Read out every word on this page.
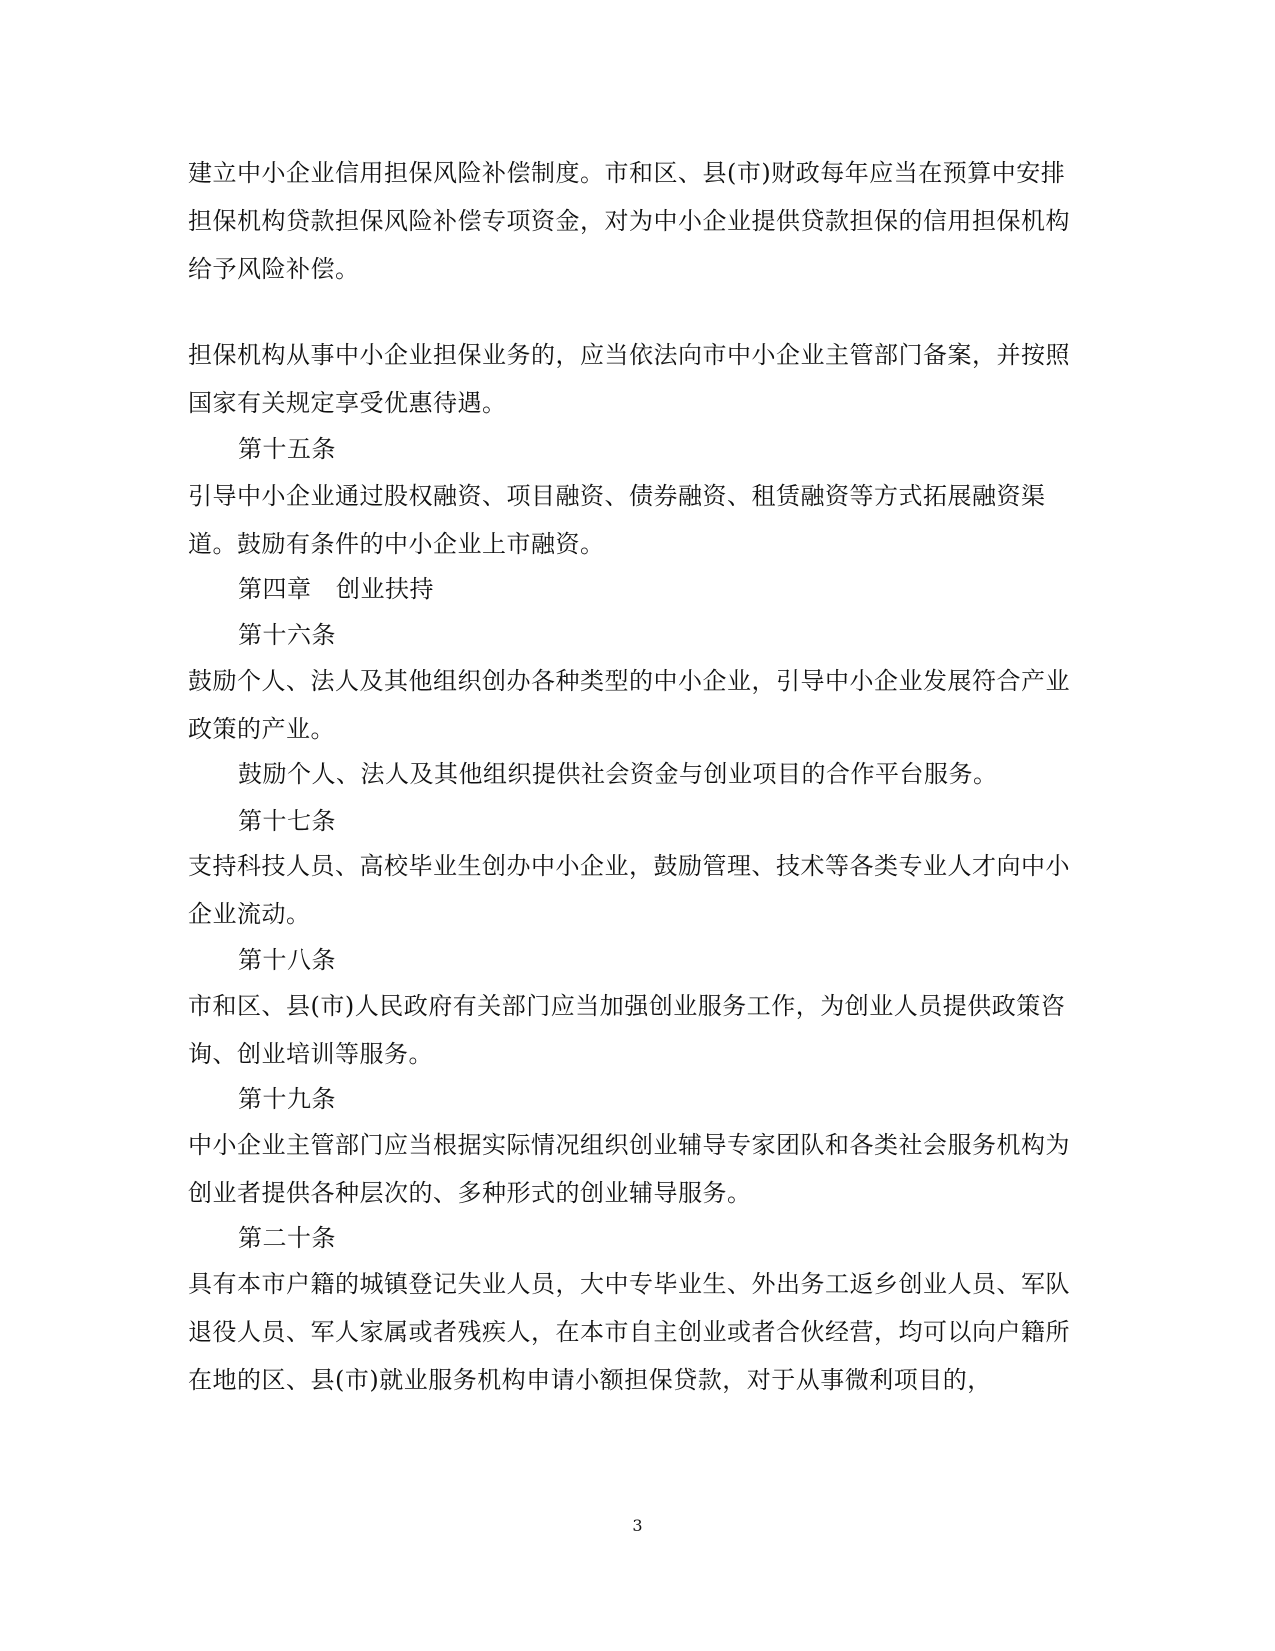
建立中小企业信用担保风险补偿制度。市和区、县(市)财政每年应当在预算中安排担保机构贷款担保风险补偿专项资金，对为中小企业提供贷款担保的信用担保机构给予风险补偿。

担保机构从事中小企业担保业务的，应当依法向市中小企业主管部门备案，并按照国家有关规定享受优惠待遇。

第十五条

引导中小企业通过股权融资、项目融资、债券融资、租赁融资等方式拓展融资渠道。鼓励有条件的中小企业上市融资。

第四章　创业扶持

第十六条

鼓励个人、法人及其他组织创办各种类型的中小企业，引导中小企业发展符合产业政策的产业。

鼓励个人、法人及其他组织提供社会资金与创业项目的合作平台服务。

第十七条

支持科技人员、高校毕业生创办中小企业，鼓励管理、技术等各类专业人才向中小企业流动。

第十八条

市和区、县(市)人民政府有关部门应当加强创业服务工作，为创业人员提供政策咨询、创业培训等服务。

第十九条

中小企业主管部门应当根据实际情况组织创业辅导专家团队和各类社会服务机构为创业者提供各种层次的、多种形式的创业辅导服务。

第二十条

具有本市户籍的城镇登记失业人员，大中专毕业生、外出务工返乡创业人员、军队退役人员、军人家属或者残疾人，在本市自主创业或者合伙经营，均可以向户籍所在地的区、县(市)就业服务机构申请小额担保贷款，对于从事微利项目的，

3
